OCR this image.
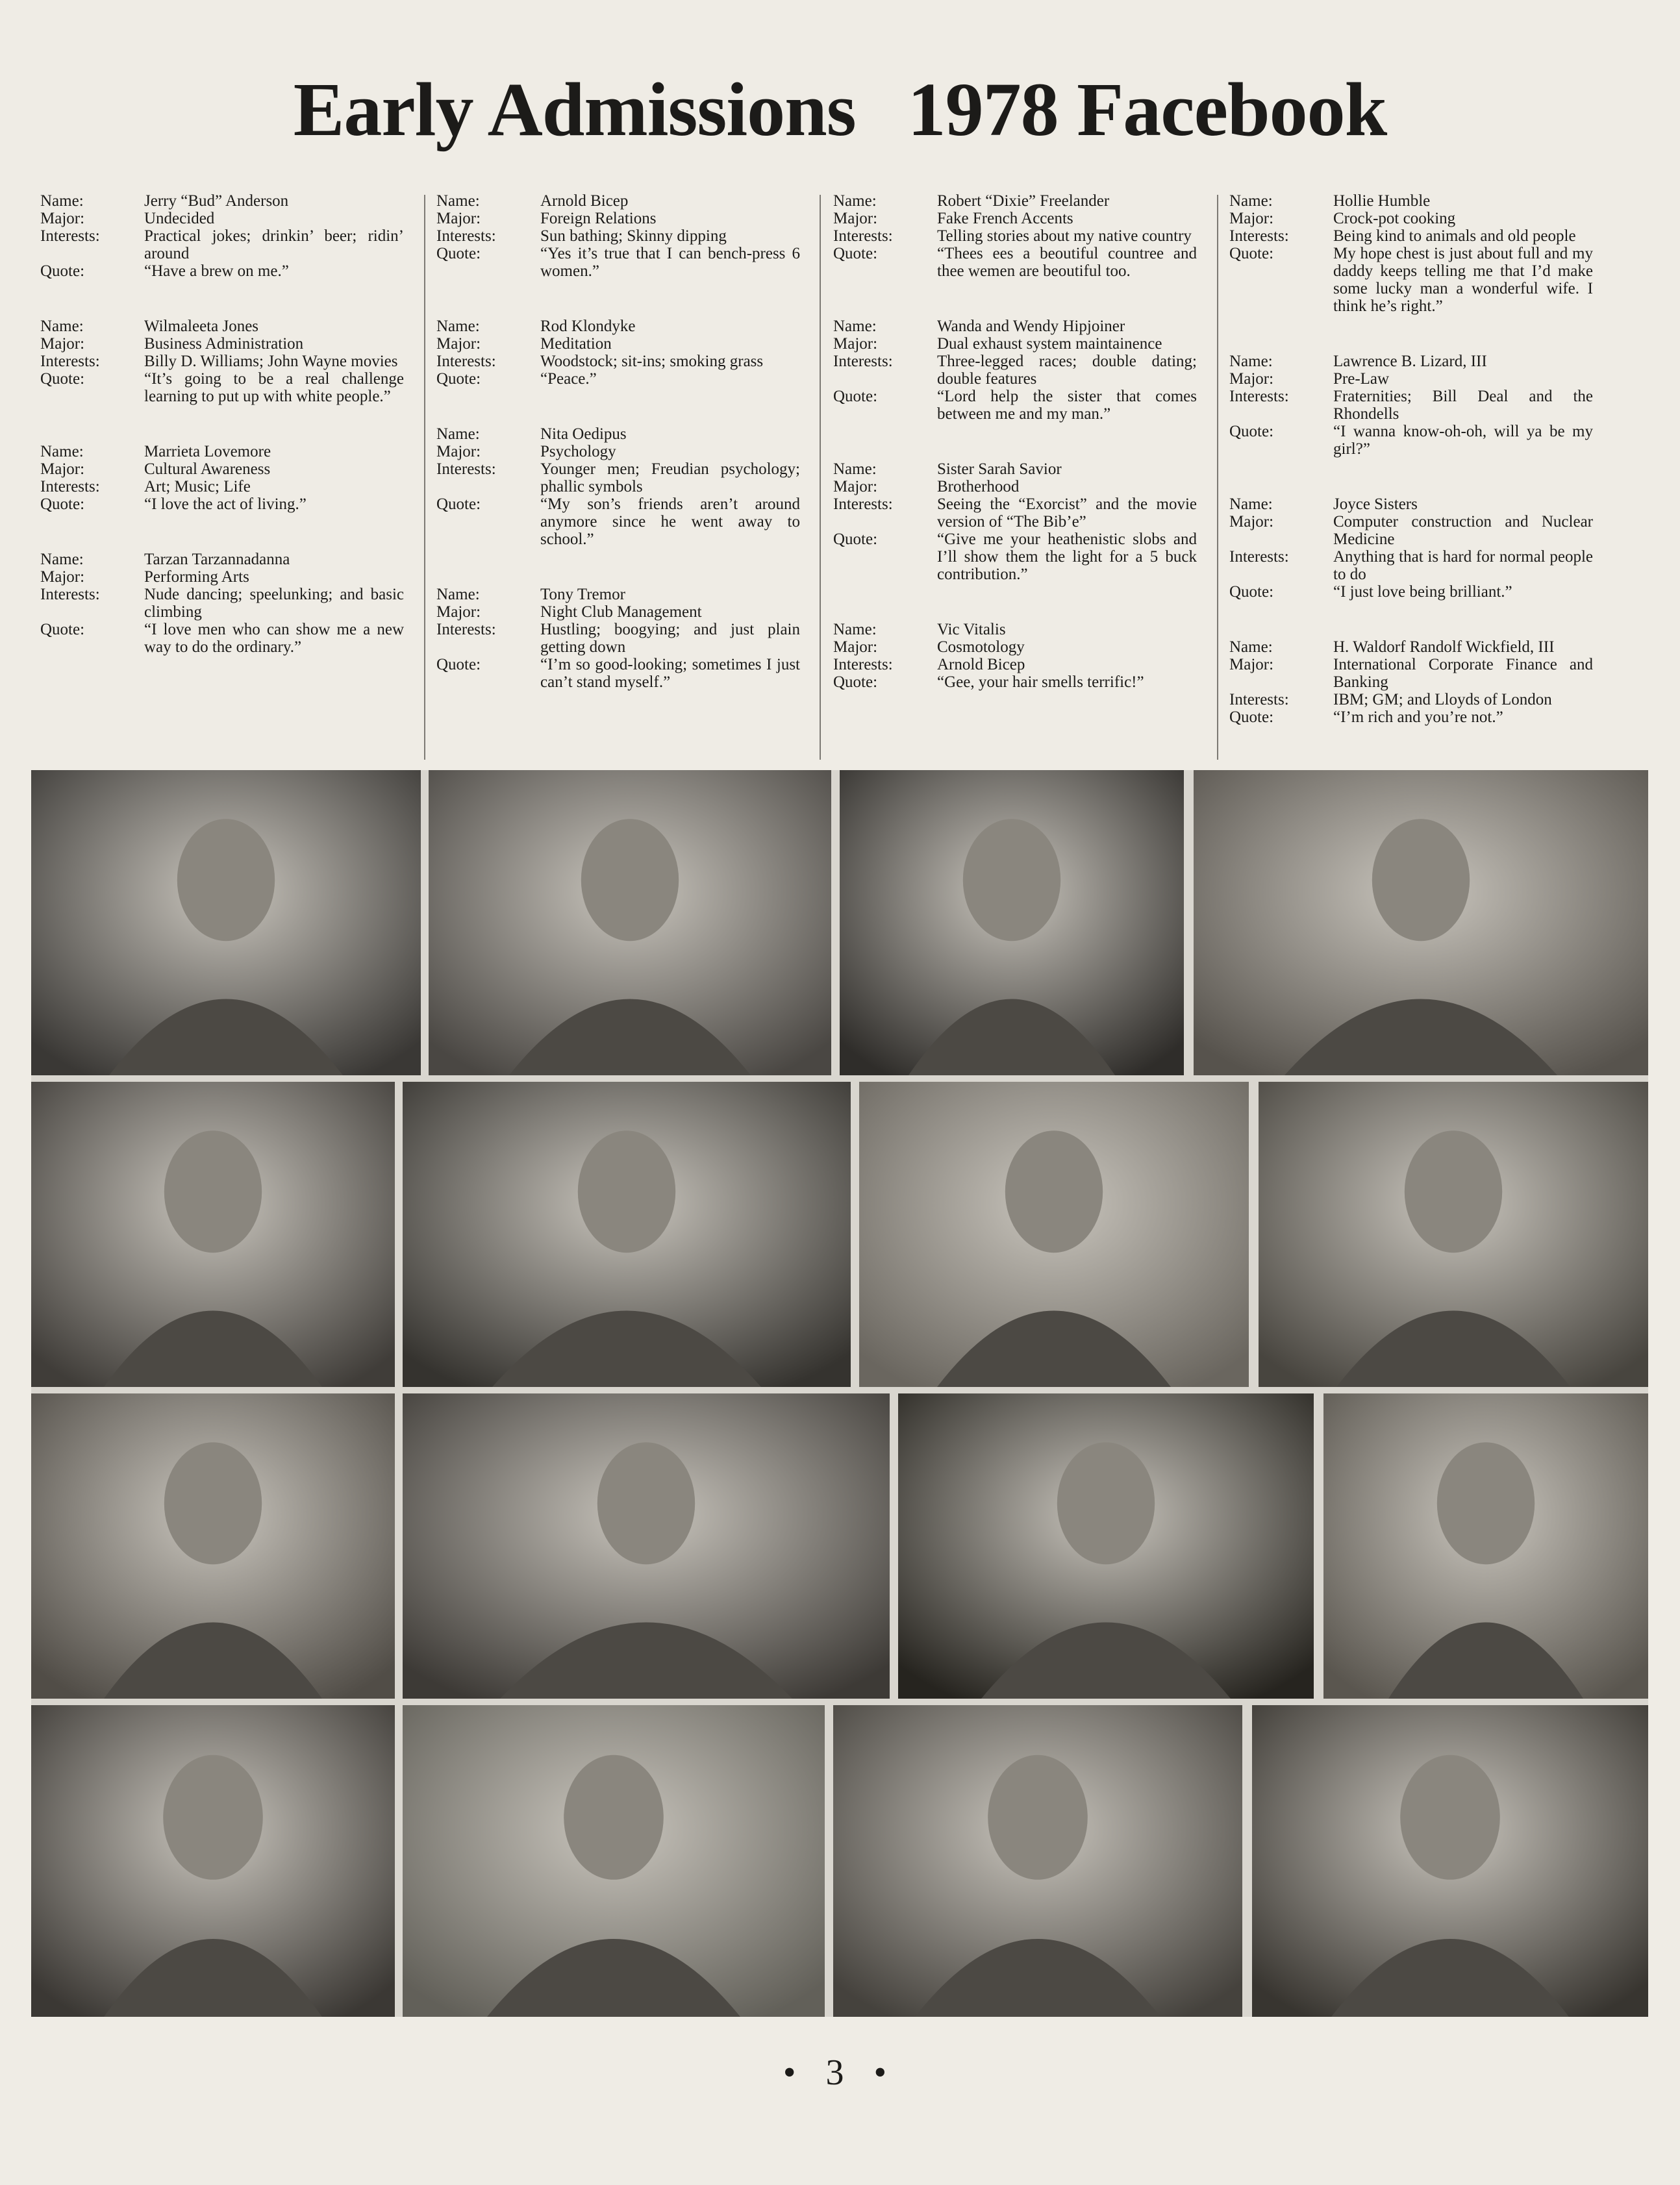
Early Admissions 1978 Facebook
Name:	Jerry “Bud” Anderson
Major:	Undecided
Interests:	Practical jokes; drinkin’ beer; ridin’ around
Quote:	“Have a brew on me.”
Name:	Wilmaleeta Jones
Major:	Business Administration
Interests:	Billy D. Williams; John Wayne movies
Quote:	“It’s going to be a real challenge learning to put up with white people.”
Name:	Marrieta Lovemore
Major:	Cultural Awareness
Interests:	Art; Music; Life
Quote:	“I love the act of living.”
Name:	Tarzan Tarzannadanna
Major:	Performing Arts
Interests:	Nude dancing; speelunking; and basic climbing
Quote:	“I love men who can show me a new way to do the ordinary.”
Name:	Arnold Bicep
Major:	Foreign Relations
Interests:	Sun bathing; Skinny dipping
Quote:	“Yes it’s true that I can bench-press 6 women.”
Name:	Rod Klondyke
Major:	Meditation
Interests:	Woodstock; sit-ins; smoking grass
Quote:	“Peace.”
Name:	Nita Oedipus
Major:	Psychology
Interests:	Younger men; Freudian psychology; phallic symbols
Quote:	“My son’s friends aren’t around anymore since he went away to school.”
Name:	Tony Tremor
Major:	Night Club Management
Interests:	Hustling; boogying; and just plain getting down
Quote:	“I’m so good-looking; sometimes I just can’t stand myself.”
Name:	Robert “Dixie” Freelander
Major:	Fake French Accents
Interests:	Telling stories about my native country
Quote:	“Thees ees a beoutiful countree and thee wemen are beoutiful too.
Name:	Wanda and Wendy Hipjoiner
Major:	Dual exhaust system maintainence
Interests:	Three-legged races; double dating; double features
Quote:	“Lord help the sister that comes between me and my man.”
Name:	Sister Sarah Savior
Major:	Brotherhood
Interests:	Seeing the “Exorcist” and the movie version of “The Bib’e”
Quote:	“Give me your heathenistic slobs and I’ll show them the light for a 5 buck contribution.”
Name:	Vic Vitalis
Major:	Cosmotology
Interests:	Arnold Bicep
Quote:	“Gee, your hair smells terrific!”
Name:	Hollie Humble
Major:	Crock-pot cooking
Interests:	Being kind to animals and old people
Quote:	My hope chest is just about full and my daddy keeps telling me that I’d make some lucky man a wonderful wife. I think he’s right.”
Name:	Lawrence B. Lizard, III
Major:	Pre-Law
Interests:	Fraternities; Bill Deal and the Rhondells
Quote:	“I wanna know-oh-oh, will ya be my girl?”
Name:	Joyce Sisters
Major:	Computer construction and Nuclear Medicine
Interests:	Anything that is hard for normal people to do
Quote:	“I just love being brilliant.”
Name:	H. Waldorf Randolf Wickfield, III
Major:	International Corporate Finance and Banking
Interests:	IBM; GM; and Lloyds of London
Quote:	“I’m rich and you’re not.”
• 3 •
